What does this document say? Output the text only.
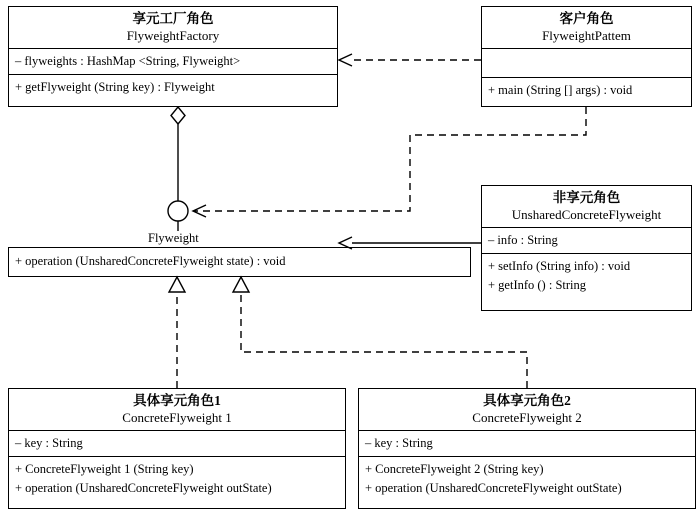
享元工厂角色
FlyweightFactory
– flyweights : HashMap <String, Flyweight>
+ getFlyweight (String key) : Flyweight
客户角色
FlyweightPattem

+ main (String [] args) : void
非享元角色
UnsharedConcreteFlyweight
– info : String
+ setInfo (String info) : void
+ getInfo () : String
Flyweight
+ operation (UnsharedConcreteFlyweight state) : void
具体享元角色1
ConcreteFlyweight 1
– key : String
+ ConcreteFlyweight 1 (String key)
+ operation (UnsharedConcreteFlyweight outState)
具体享元角色2
ConcreteFlyweight 2
– key : String
+ ConcreteFlyweight 2 (String key)
+ operation (UnsharedConcreteFlyweight outState)
